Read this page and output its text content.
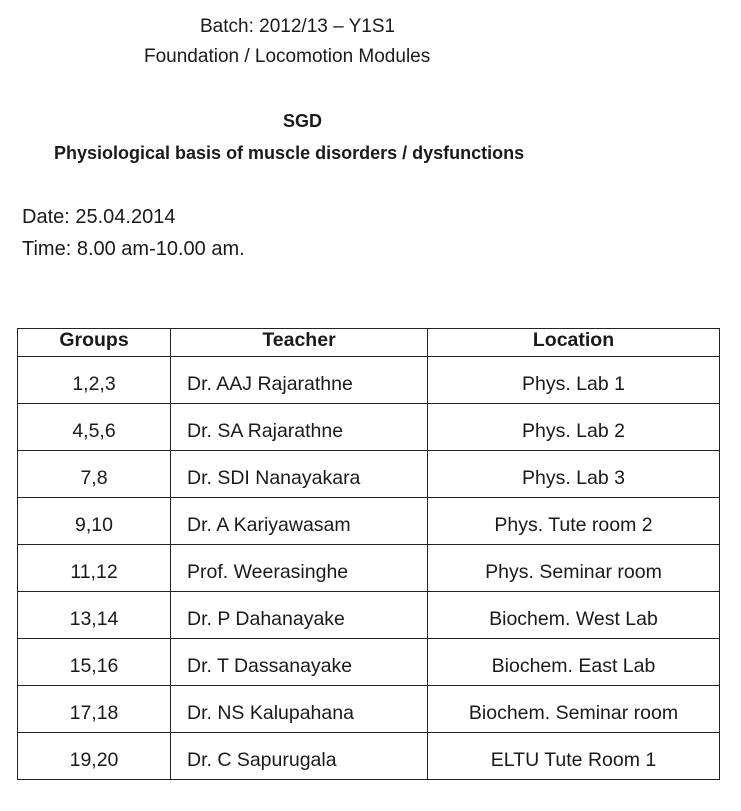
Batch: 2012/13 – Y1S1
Foundation / Locomotion Modules
SGD
Physiological basis of muscle disorders / dysfunctions
Date: 25.04.2014
Time: 8.00 am-10.00 am.
Groups	Teacher	Location
1,2,3	Dr. AAJ Rajarathne	Phys. Lab 1
4,5,6	Dr. SA Rajarathne	Phys. Lab 2
7,8	Dr. SDI Nanayakara	Phys. Lab 3
9,10	Dr. A Kariyawasam	Phys. Tute room 2
11,12	Prof. Weerasinghe	Phys. Seminar room
13,14	Dr. P Dahanayake	Biochem. West Lab
15,16	Dr. T Dassanayake	Biochem. East Lab
17,18	Dr. NS Kalupahana	Biochem. Seminar room
19,20	Dr. C Sapurugala	ELTU Tute Room 1
